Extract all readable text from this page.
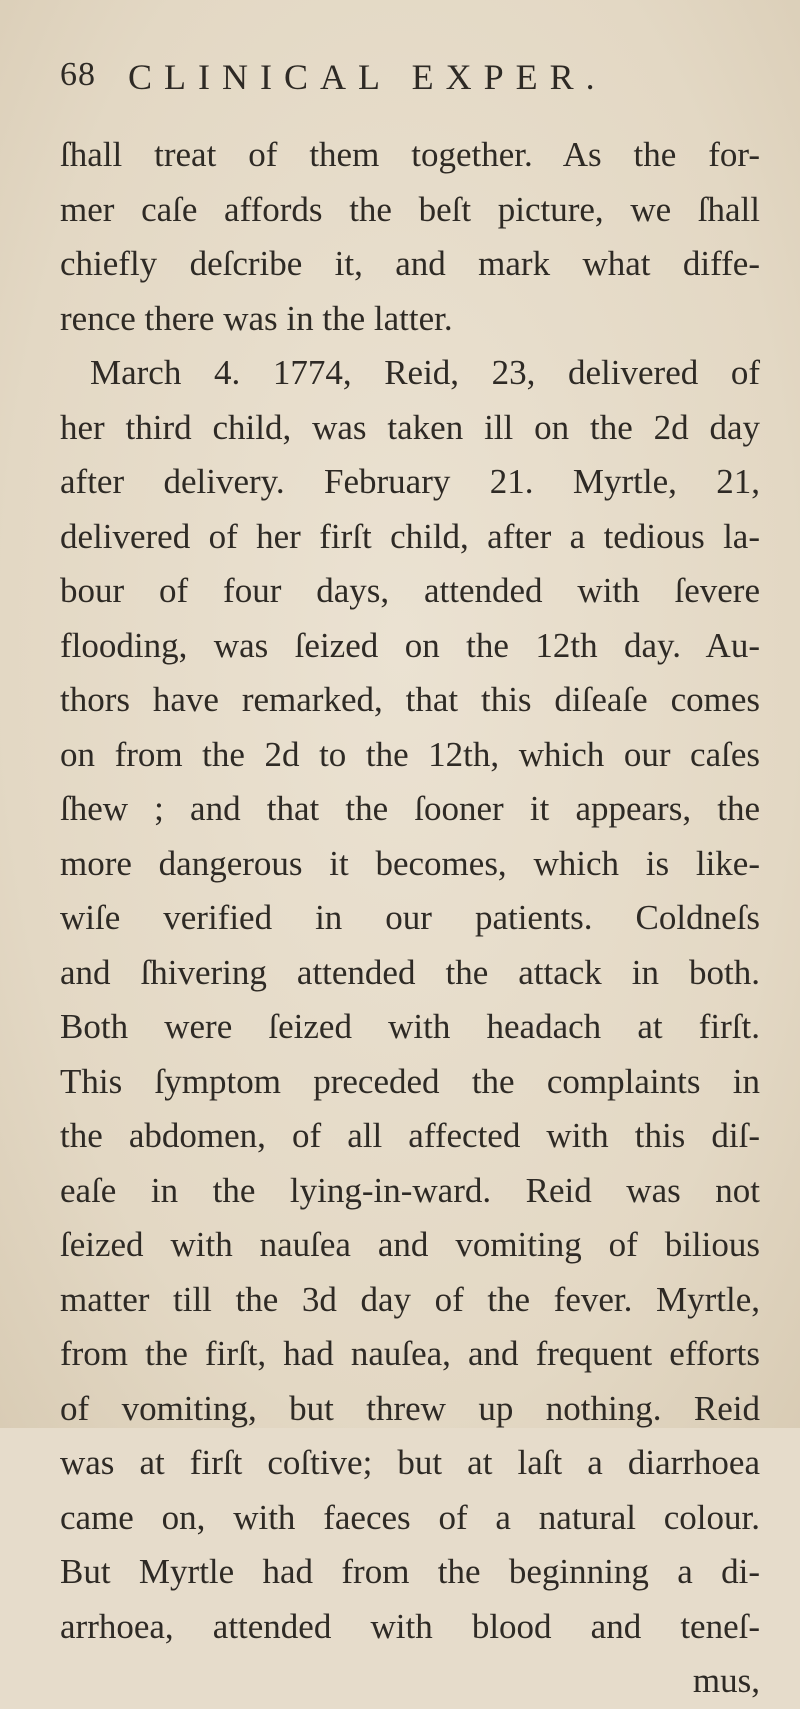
68 CLINICAL EXPER.
ſhall treat of them together. As the for-
mer caſe affords the beſt picture, we ſhall
chiefly deſcribe it, and mark what diffe-
rence there was in the latter.
March 4. 1774, Reid, 23, delivered of
her third child, was taken ill on the 2d day
after delivery. February 21. Myrtle, 21,
delivered of her firſt child, after a tedious la-
bour of four days, attended with ſevere
flooding, was ſeized on the 12th day. Au-
thors have remarked, that this diſeaſe comes
on from the 2d to the 12th, which our caſes
ſhew ; and that the ſooner it appears, the
more dangerous it becomes, which is like-
wiſe verified in our patients. Coldneſs
and ſhivering attended the attack in both.
Both were ſeized with headach at firſt.
This ſymptom preceded the complaints in
the abdomen, of all affected with this diſ-
eaſe in the lying-in-ward. Reid was not
ſeized with nauſea and vomiting of bilious
matter till the 3d day of the fever. Myrtle,
from the firſt, had nauſea, and frequent efforts
of vomiting, but threw up nothing. Reid
was at firſt coſtive; but at laſt a diarrhoea
came on, with faeces of a natural colour.
But Myrtle had from the beginning a di-
arrhoea, attended with blood and teneſ-
mus,
